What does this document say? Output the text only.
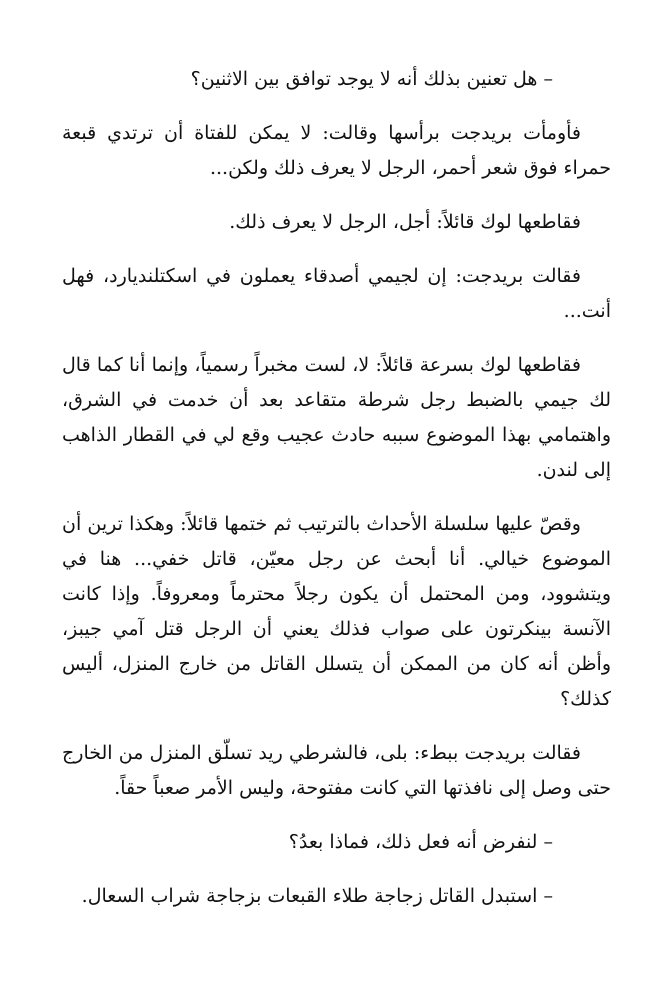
– هل تعنين بذلك أنه لا يوجد توافق بين الاثنين؟

فأومأت بريدجت برأسها وقالت: لا يمكن للفتاة أن ترتدي قبعة حمراء فوق شعر أحمر، الرجل لا يعرف ذلك ولكن...

فقاطعها لوك قائلاً: أجل، الرجل لا يعرف ذلك.

فقالت بريدجت: إن لجيمي أصدقاء يعملون في اسكتلنديارد، فهل أنت...

فقاطعها لوك بسرعة قائلاً: لا، لست مخبراً رسمياً، وإنما أنا كما قال لك جيمي بالضبط رجل شرطة متقاعد بعد أن خدمت في الشرق، واهتمامي بهذا الموضوع سببه حادث عجيب وقع لي في القطار الذاهب إلى لندن.

وقصّ عليها سلسلة الأحداث بالترتيب ثم ختمها قائلاً: وهكذا ترين أن الموضوع خيالي. أنا أبحث عن رجل معيّن، قاتل خفي... هنا في ويتشوود، ومن المحتمل أن يكون رجلاً محترماً ومعروفاً. وإذا كانت الآنسة بينكرتون على صواب فذلك يعني أن الرجل قتل آمي جيبز، وأظن أنه كان من الممكن أن يتسلل القاتل من خارج المنزل، أليس كذلك؟

فقالت بريدجت ببطء: بلى، فالشرطي ريد تسلّق المنزل من الخارج حتى وصل إلى نافذتها التي كانت مفتوحة، وليس الأمر صعباً حقاً.

– لنفرض أنه فعل ذلك، فماذا بعدُ؟

– استبدل القاتل زجاجة طلاء القبعات بزجاجة شراب السعال.
